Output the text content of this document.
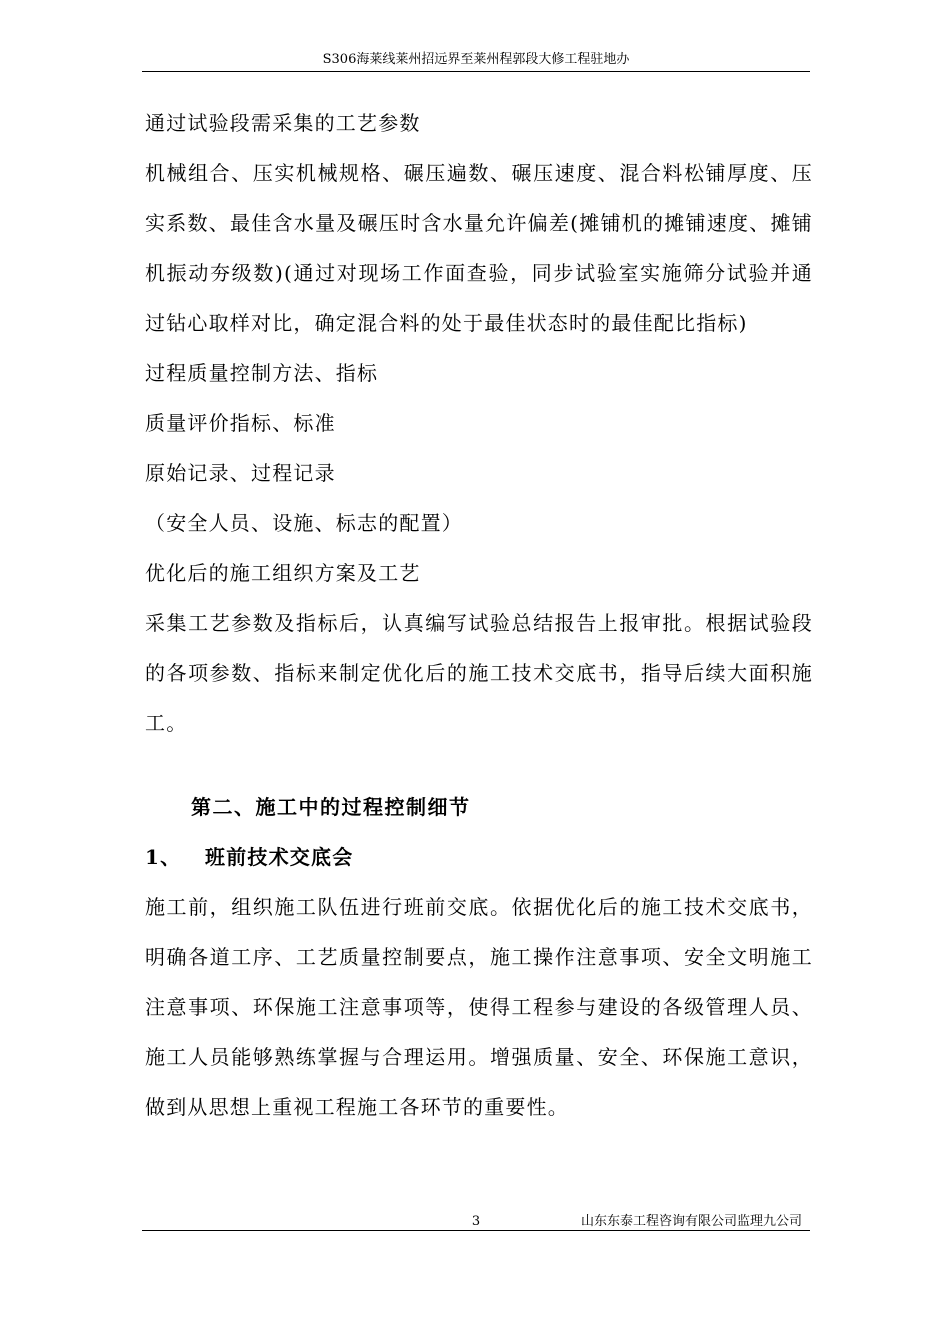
S306海莱线莱州招远界至莱州程郭段大修工程驻地办

通过试验段需采集的工艺参数

机械组合、压实机械规格、碾压遍数、碾压速度、混合料松铺厚度、压实系数、最佳含水量及碾压时含水量允许偏差(摊铺机的摊铺速度、摊铺机振动夯级数)(通过对现场工作面查验，同步试验室实施筛分试验并通过钻心取样对比，确定混合料的处于最佳状态时的最佳配比指标)

过程质量控制方法、指标

质量评价指标、标准

原始记录、过程记录

（安全人员、设施、标志的配置）

优化后的施工组织方案及工艺

采集工艺参数及指标后，认真编写试验总结报告上报审批。根据试验段的各项参数、指标来制定优化后的施工技术交底书，指导后续大面积施工。

第二、施工中的过程控制细节

1、 班前技术交底会

施工前，组织施工队伍进行班前交底。依据优化后的施工技术交底书，明确各道工序、工艺质量控制要点，施工操作注意事项、安全文明施工注意事项、环保施工注意事项等，使得工程参与建设的各级管理人员、施工人员能够熟练掌握与合理运用。增强质量、安全、环保施工意识，做到从思想上重视工程施工各环节的重要性。

3	山东东泰工程咨询有限公司监理九公司
